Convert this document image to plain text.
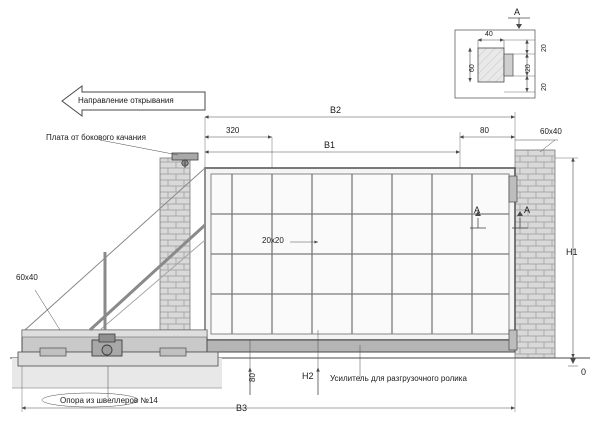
Направление открывания
B2
B1
320	80	60x40
60x40
20х20
Плата от бокового качания
Опора из швеллеров №14
Усилитель для разгрузочного ролика
B3
H1
H2	0
80
A	A
A
40
60
20
20
20
